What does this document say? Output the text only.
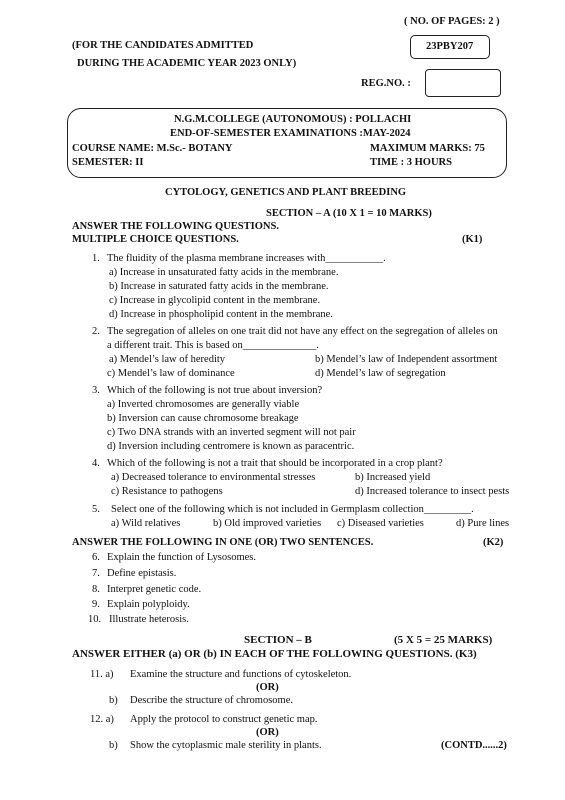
( NO. OF PAGES: 2 )
(FOR THE CANDIDATES ADMITTED
DURING THE ACADEMIC YEAR 2023 ONLY)
23PBY207
REG.NO. :
N.G.M.COLLEGE (AUTONOMOUS) : POLLACHI
END-OF-SEMESTER EXAMINATIONS :MAY-2024
COURSE NAME: M.Sc.- BOTANY	MAXIMUM MARKS: 75
SEMESTER: II	TIME : 3 HOURS
CYTOLOGY, GENETICS AND PLANT BREEDING
SECTION – A (10 X 1 = 10 MARKS)
ANSWER THE FOLLOWING QUESTIONS.
MULTIPLE CHOICE QUESTIONS.	(K1)
1. The fluidity of the plasma membrane increases with___________.
a) Increase in unsaturated fatty acids in the membrane.
b) Increase in saturated fatty acids in the membrane.
c) Increase in glycolipid content in the membrane.
d) Increase in phospholipid content in the membrane.
2. The segregation of alleles on one trait did not have any effect on the segregation of alleles on
a different trait. This is based on______________.
a) Mendel’s law of heredity	b) Mendel’s law of Independent assortment
c) Mendel’s law of dominance	d) Mendel’s law of segregation
3. Which of the following is not true about inversion?
a) Inverted chromosomes are generally viable
b) Inversion can cause chromosome breakage
c) Two DNA strands with an inverted segment will not pair
d) Inversion including centromere is known as paracentric.
4. Which of the following is not a trait that should be incorporated in a crop plant?
a) Decreased tolerance to environmental stresses	b) Increased yield
c) Resistance to pathogens	d) Increased tolerance to insect pests
5. Select one of the following which is not included in Germplasm collection_________.
a) Wild relatives	b) Old improved varieties c) Diseased varieties	d) Pure lines
ANSWER THE FOLLOWING IN ONE (OR) TWO SENTENCES.	(K2)
6. Explain the function of Lysosomes.
7. Define epistasis.
8. Interpret genetic code.
9. Explain polyploidy.
10. Illustrate heterosis.
SECTION – B	(5 X 5 = 25 MARKS)
ANSWER EITHER (a) OR (b) IN EACH OF THE FOLLOWING QUESTIONS. (K3)
11. a) Examine the structure and functions of cytoskeleton.
(OR)
b) Describe the structure of chromosome.
12. a) Apply the protocol to construct genetic map.
(OR)
b) Show the cytoplasmic male sterility in plants.	(CONTD......2)
